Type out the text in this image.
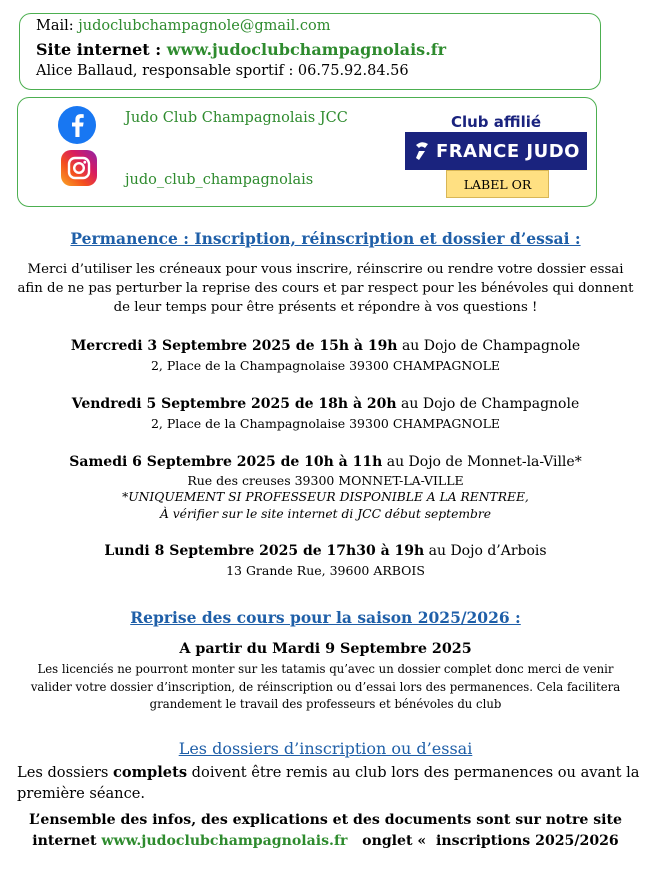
Mail: judoclubchampagnole@gmail.com
Site internet : www.judoclubchampagnolais.fr
Alice Ballaud, responsable sportif : 06.75.92.84.56
Judo Club Champagnolais JCC
judo_club_champagnolais
Club affilié
FRANCE JUDO
LABEL OR
Permanence : Inscription, réinscription et dossier d’essai :
Merci d’utiliser les créneaux pour vous inscrire, réinscrire ou rendre votre dossier essai
afin de ne pas perturber la reprise des cours et par respect pour les bénévoles qui donnent
de leur temps pour être présents et répondre à vos questions !
Mercredi 3 Septembre 2025 de 15h à 19h au Dojo de Champagnole
2, Place de la Champagnolaise 39300 CHAMPAGNOLE
Vendredi 5 Septembre 2025 de 18h à 20h au Dojo de Champagnole
2, Place de la Champagnolaise 39300 CHAMPAGNOLE
Samedi 6 Septembre 2025 de 10h à 11h au Dojo de Monnet-la-Ville*
Rue des creuses 39300 MONNET-LA-VILLE
*UNIQUEMENT SI PROFESSEUR DISPONIBLE A LA RENTREE,
À vérifier sur le site internet di JCC début septembre
Lundi 8 Septembre 2025 de 17h30 à 19h au Dojo d’Arbois
13 Grande Rue, 39600 ARBOIS
Reprise des cours pour la saison 2025/2026 :
A partir du Mardi 9 Septembre 2025
Les licenciés ne pourront monter sur les tatamis qu’avec un dossier complet donc merci de venir
valider votre dossier d’inscription, de réinscription ou d’essai lors des permanences. Cela facilitera
grandement le travail des professeurs et bénévoles du club
Les dossiers d’inscription ou d’essai
Les dossiers complets doivent être remis au club lors des permanences ou avant la
première séance.
L’ensemble des infos, des explications et des documents sont sur notre site
internet www.judoclubchampagnolais.fr   onglet «  inscriptions 2025/2026
